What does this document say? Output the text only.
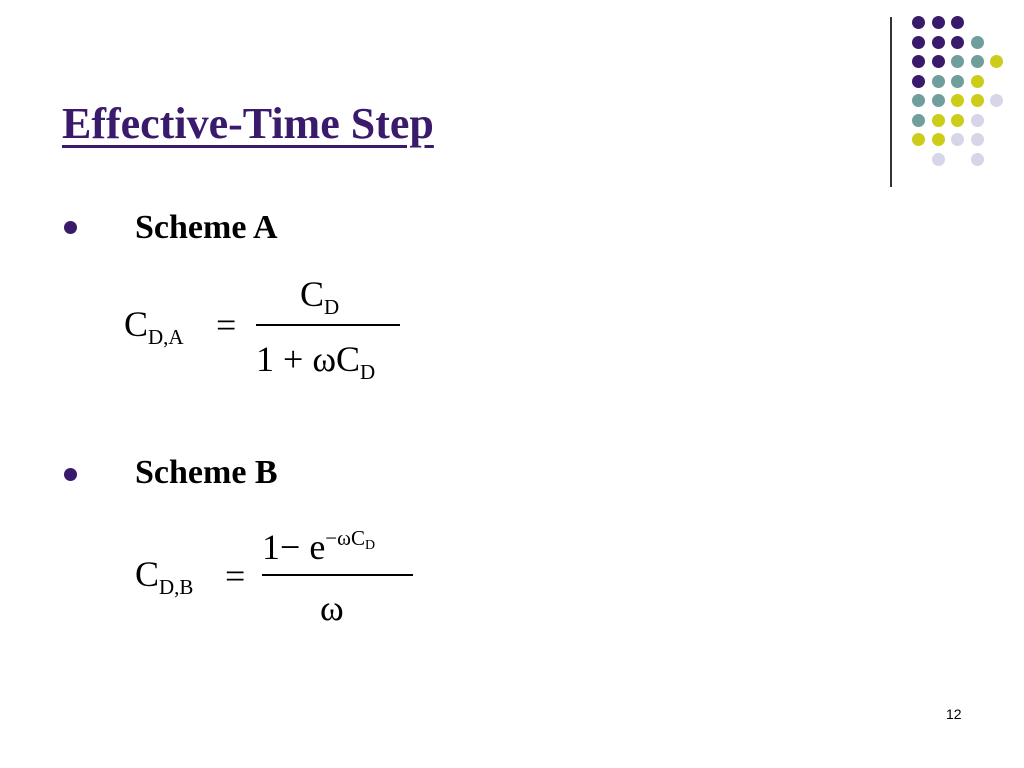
Effective-Time Step
Scheme A
$C_{D,A}$ =
$C_D$
$1 + \omega C_D$
Scheme B
$C_{D,B}$ =
$1- e^{-\omega CD}$
ω
12
